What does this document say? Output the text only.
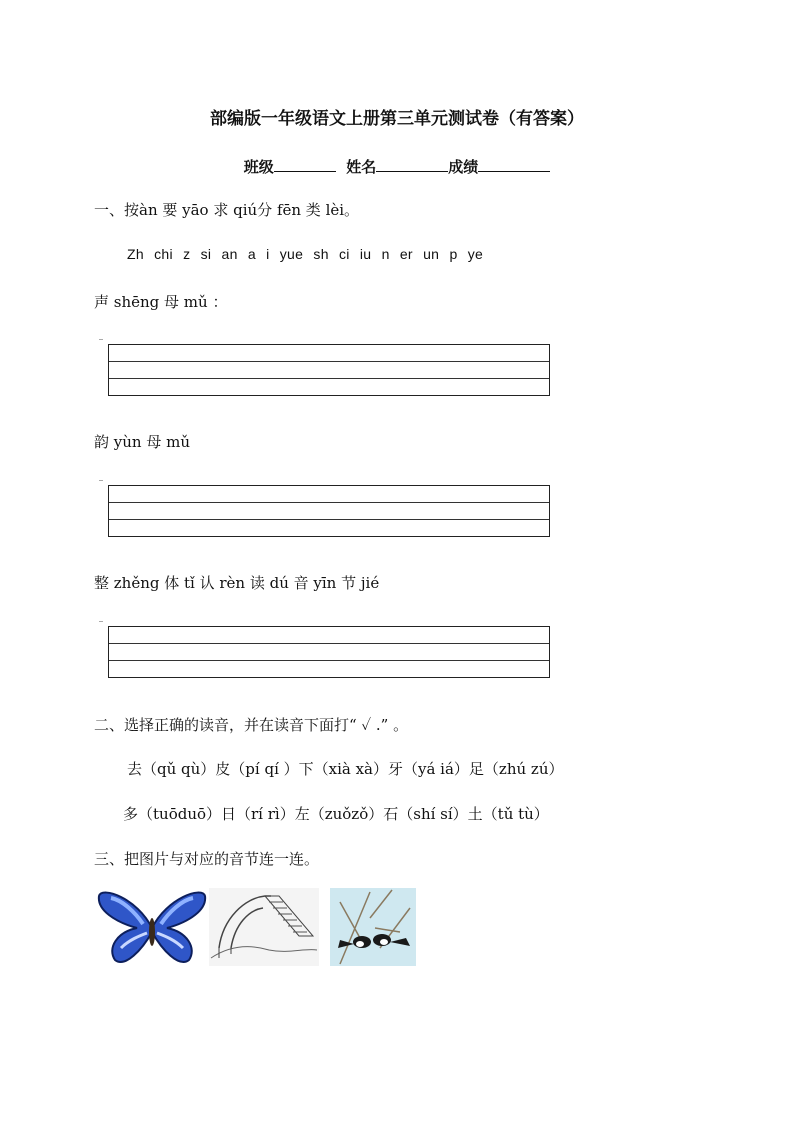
部编版一年级语文上册第三单元测试卷（有答案）
班级	姓名	成绩
一、按àn 要 yāo 求 qiú分 fēn 类 lèi。
Zh chi z si an a i yue sh ci iu n er un p ye
声 shēng 母 mǔ ：
韵 yùn 母 mǔ
整 zhěng 体 tǐ 认 rèn 读 dú 音 yīn 节 jié
二、选择正确的读音，并在读音下面打“ ✓ .” 。
去（qǔ qù）皮（pí qí ）下（xià xà）牙（yá iá）足（zhú zú）
多（tuōduō）日（rí rì）左（zuǒzǒ）石（shí sí）土（tǔ tù）
三、把图片与对应的音节连一连。
